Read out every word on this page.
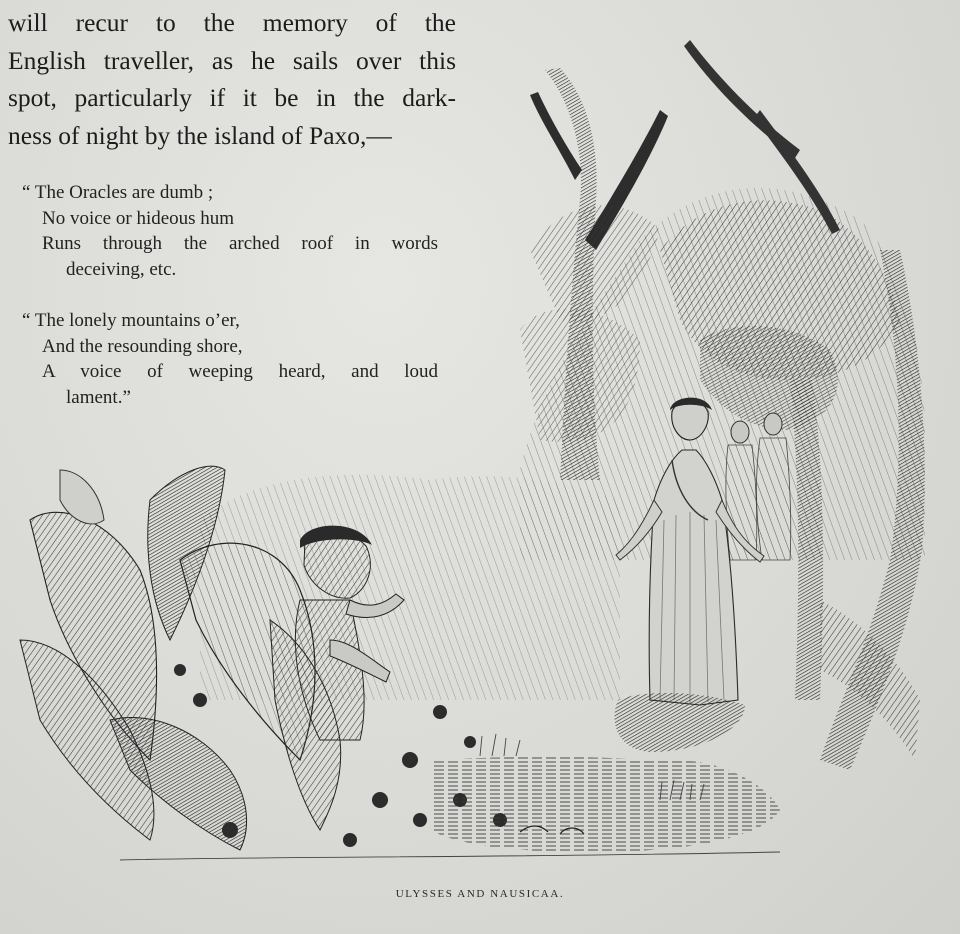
will recur to the memory of the
English traveller, as he sails over this
spot, particularly if it be in the dark-
ness of night by the island of Paxo,—
“ The Oracles are dumb ;
No voice or hideous hum
Runs through the arched roof in words
deceiving, etc.
“ The lonely mountains o’er,
And the resounding shore,
A voice of weeping heard, and loud
lament.”
ULYSSES AND NAUSICAA.
